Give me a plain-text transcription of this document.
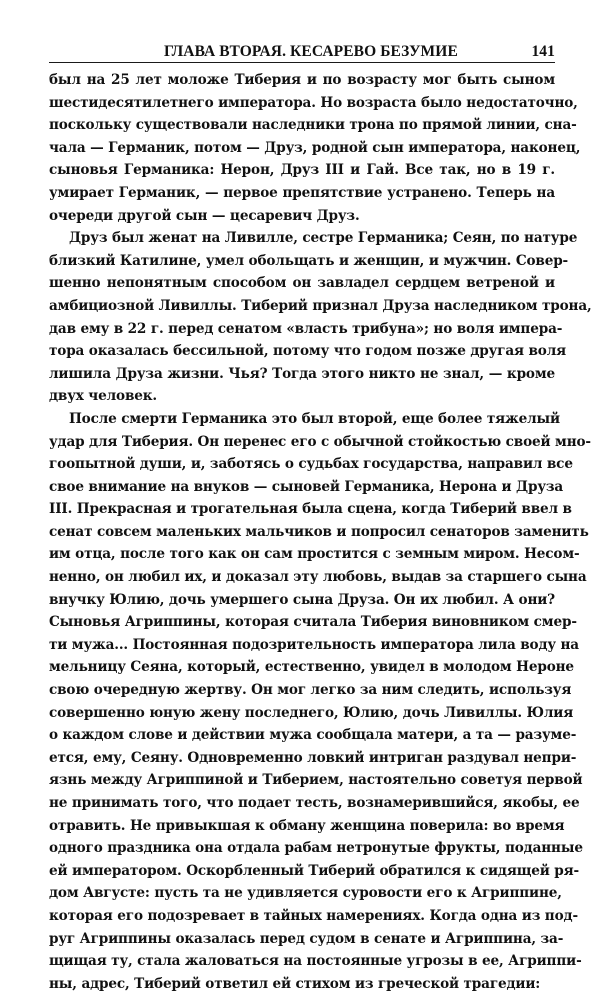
ГЛАВА ВТОРАЯ. КЕСАРЕВО БЕЗУМИЕ	141
был на 25 лет моложе Тиберия и по возрасту мог быть сыном
шестидесятилетнего императора. Но возраста было недостаточно,
поскольку существовали наследники трона по прямой линии, сна-
чала — Германик, потом — Друз, родной сын императора, наконец,
сыновья Германика: Нерон, Друз III и Гай. Все так, но в 19 г.
умирает Германик, — первое препятствие устранено. Теперь на
очереди другой сын — цесаревич Друз.
Друз был женат на Ливилле, сестре Германика; Сеян, по натуре
близкий Катилине, умел обольщать и женщин, и мужчин. Совер-
шенно непонятным способом он завладел сердцем ветреной и
амбициозной Ливиллы. Тиберий признал Друза наследником трона,
дав ему в 22 г. перед сенатом «власть трибуна»; но воля импера-
тора оказалась бессильной, потому что годом позже другая воля
лишила Друза жизни. Чья? Тогда этого никто не знал, — кроме
двух человек.
После смерти Германика это был второй, еще более тяжелый
удар для Тиберия. Он перенес его с обычной стойкостью своей мно-
гоопытной души, и, заботясь о судьбах государства, направил все
свое внимание на внуков — сыновей Германика, Нерона и Друза
III. Прекрасная и трогательная была сцена, когда Тиберий ввел в
сенат совсем маленьких мальчиков и попросил сенаторов заменить
им отца, после того как он сам простится с земным миром. Несом-
ненно, он любил их, и доказал эту любовь, выдав за старшего сына
внучку Юлию, дочь умершего сына Друза. Он их любил. А они?
Сыновья Агриппины, которая считала Тиберия виновником смер-
ти мужа... Постоянная подозрительность императора лила воду на
мельницу Сеяна, который, естественно, увидел в молодом Нероне
свою очередную жертву. Он мог легко за ним следить, используя
совершенно юную жену последнего, Юлию, дочь Ливиллы. Юлия
о каждом слове и действии мужа сообщала матери, а та — разуме-
ется, ему, Сеяну. Одновременно ловкий интриган раздувал непри-
язнь между Агриппиной и Тиберием, настоятельно советуя первой
не принимать того, что подает тесть, вознамерившийся, якобы, ее
отравить. Не привыкшая к обману женщина поверила: во время
одного праздника она отдала рабам нетронутые фрукты, поданные
ей императором. Оскорбленный Тиберий обратился к сидящей ря-
дом Августе: пусть та не удивляется суровости его к Агриппине,
которая его подозревает в тайных намерениях. Когда одна из под-
руг Агриппины оказалась перед судом в сенате и Агриппина, за-
щищая ту, стала жаловаться на постоянные угрозы в ее, Агриппи-
ны, адрес, Тиберий ответил ей стихом из греческой трагедии:
